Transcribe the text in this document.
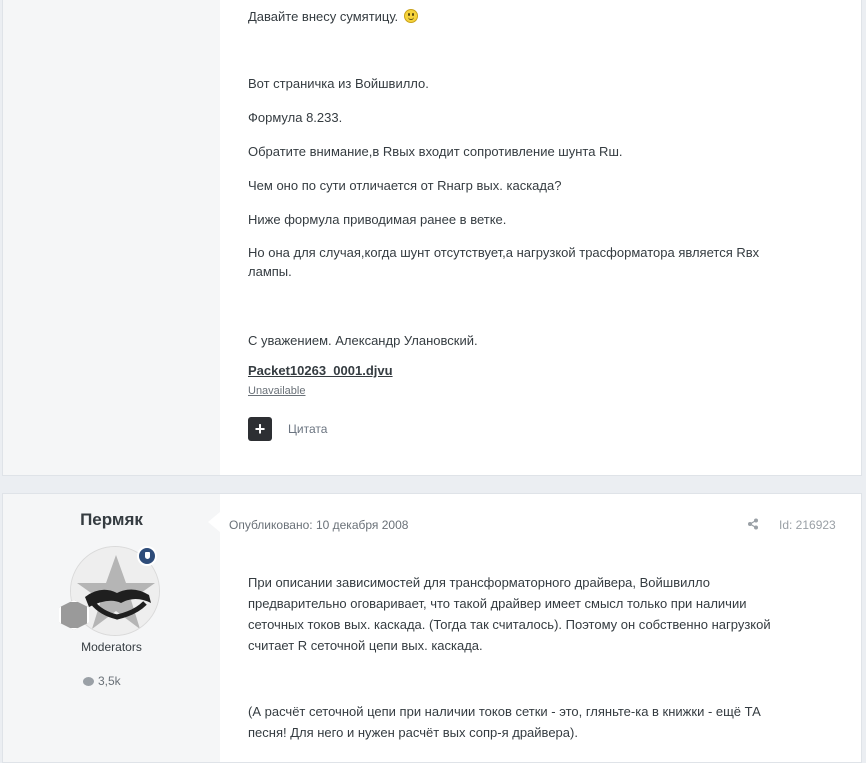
Давайте внесу сумятицу.

Вот страничка из Войшвилло.

Формула 8.233.

Обратите внимание,в Rвых входит сопротивление шунта Rш.

Чем оно по сути отличается от Rнагр вых. каскада?

Ниже формула приводимая ранее в ветке.

Но она для случая,когда шунт отсутствует,а нагрузкой трасформатора является Rвх

лампы.

С уважением. Александр Улановский.

Packet10263_0001.djvu
Unavailable
+	Цитата
Пермяк
Moderators
3,5k
Опубликовано: 10 декабря 2008	Id: 216923

При описании зависимостей для трансформаторного драйвера, Войшвилло

предварительно оговаривает, что такой драйвер имеет смысл только при наличии

сеточных токов вых. каскада. (Тогда так считалось). Поэтому он собственно нагрузкой

считает R сеточной цепи вых. каскада.

(А расчёт сеточной цепи при наличии токов сетки - это, гляньте-ка в книжки - ещё ТА

песня! Для него и нужен расчёт вых сопр-я драйвера).
